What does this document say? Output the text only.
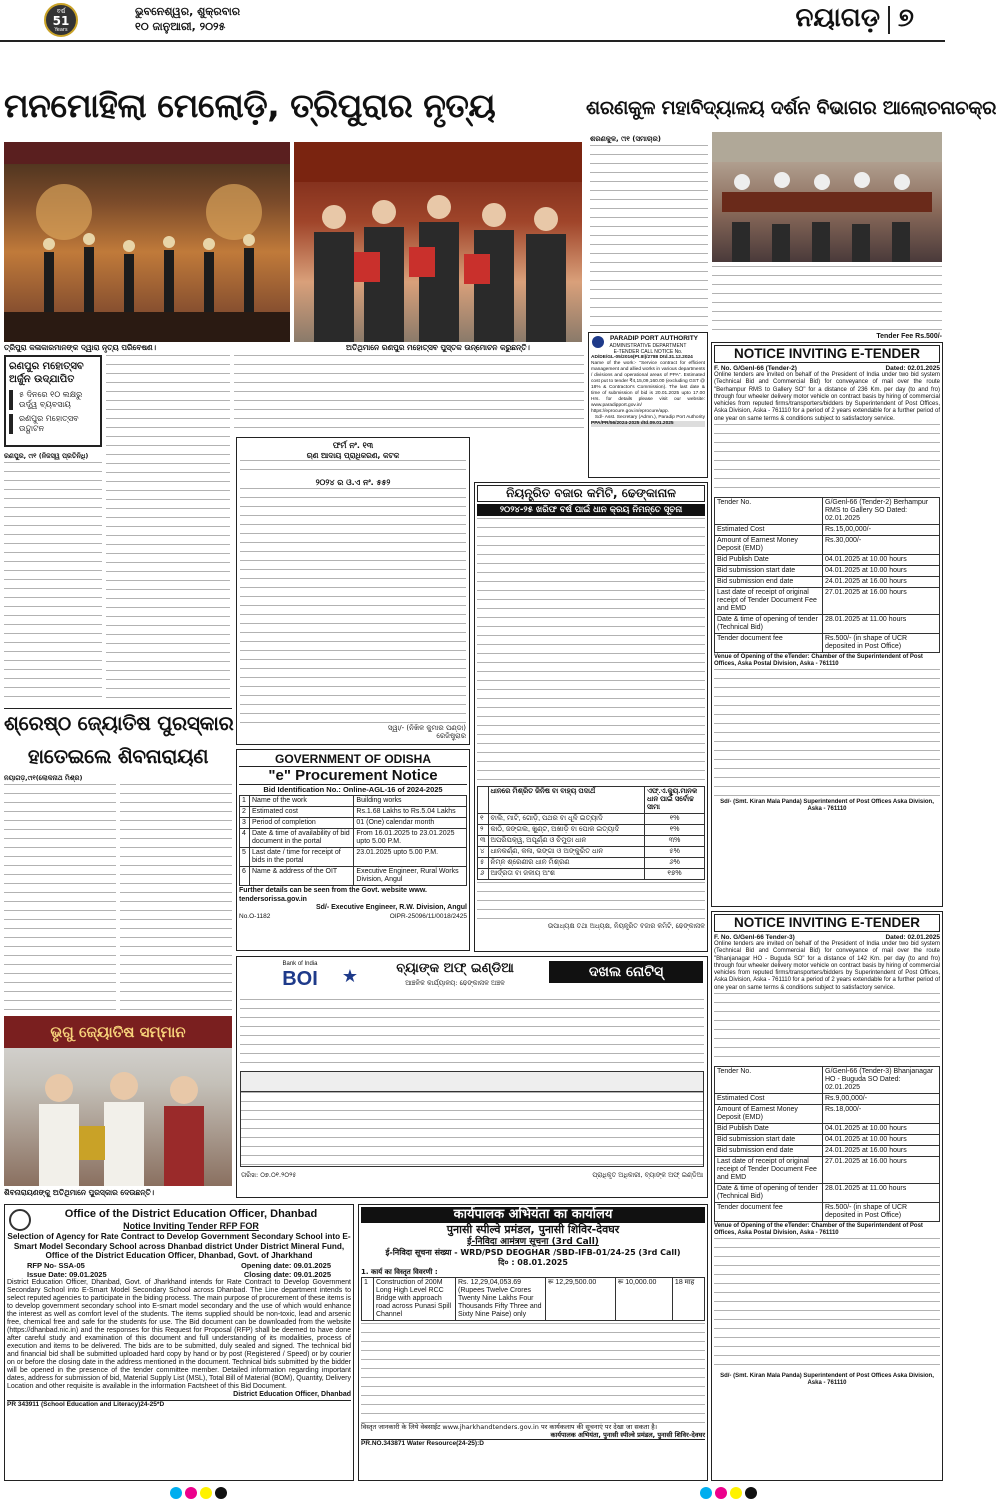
ବର୍ଷ
51
Years
ଭୁବନେଶ୍ୱର, ଶୁକ୍ରବାର
୧୦ ଜାନୁଆରୀ, ୨୦୨୫	ନୟାଗଡ଼ ୭
ମନମୋହିଲା ମେଲୋଡ଼ି, ତ୍ରିପୁରାର ନୃତ୍ୟ	ଶରଣକୁଳ ମହାବିଦ୍ୟାଳୟ ଦର୍ଶନ ବିଭାଗର ଆଲୋଚନାଚକ୍ର
ତ୍ରିପୁରା କଳାକାରମାନଙ୍କ ଦ୍ୱାରା ନୃତ୍ୟ ପରିବେଷଣ।	ଅତିଥିମାନେ ରଣପୁର ମହୋତ୍ସବ ପୁସ୍ତକ ଉନ୍ମୋଚନ କରୁଛନ୍ତି।
ଶରଣକୁଳ, ୯ା୧ (ସମାଚାର)
ରଣପୁର ମହୋତ୍ସବ ଅର୍ଜୁନ ଉଦ୍ଯାପିତ
୫ ଦିନରେ ୧୦ ଲକ୍ଷରୁ ଉର୍ଦ୍ଧ୍ୱ ବ୍ୟବସାୟ
ରଣପୁର ମହୋତ୍ସବ ଉଦ୍ଘାଟନ
ରଣପୁର, ୯ା୧ (ନିଜସ୍ୱ ପ୍ରତିନିଧି)
PARADIP PORT AUTHORITY
ADMINISTRATIVE DEPARTMENT
E-TENDER CALL NOTICE No.
AD/DE/GL-05/2016(Pt.III)/2788 Dtd.31.12.2024
Name of the work:- "Service contract for efficient management and allied works in various departments / divisions and operational areas of PPA". Estimated cost put to tender ₹4,15,09,160.00 (excluding GST @ 18% & Contractor's Commission). The last date & time of submission of bid is 20.01.2025 upto 17.00 Hrs. for details please visit our website: www.paradipport.gov.in/ https://eprocure.gov.in/eprocure/app.
Sd/- Asst. Secretary (Admn.), Paradip Port Authority
PPA/PR/56/2024-2025 dtd.09.01.2025
Tender Fee Rs.500/-
NOTICE INVITING E-TENDER
F. No. G/Genl-66 (Tender-2)	Dated: 02.01.2025
Online tenders are invited on behalf of the President of India under two bid system (Technical Bid and Commercial Bid) for conveyance of mail over the route "Berhampur RMS to Gallery SO" for a distance of 236 Km. per day (to and fro) through four wheeler delivery motor vehicle on contract basis by hiring of commercial vehicles from reputed firms/transporters/bidders by Superintendent of Post Offices, Aska Division, Aska - 761110 for a period of 2 years extendable for a further period of one year on same terms & conditions subject to satisfactory service.
Tender No.	G/Genl-66 (Tender-2) Berhampur RMS to Gallery SO Dated: 02.01.2025
Estimated Cost	Rs.15,00,000/-
Amount of Earnest Money Deposit (EMD)	Rs.30,000/-
Bid Publish Date	04.01.2025 at 10.00 hours
Bid submission start date	04.01.2025 at 10.00 hours
Bid submission end date	24.01.2025 at 16.00 hours
Last date of receipt of original receipt of Tender Document Fee and EMD	27.01.2025 at 16.00 hours
Date & time of opening of tender (Technical Bid)	28.01.2025 at 11.00 hours
Tender document fee	Rs.500/- (in shape of UCR deposited in Post Office)
Venue of Opening of the eTender: Chamber of the Superintendent of Post Offices, Aska Postal Division, Aska - 761110
Sd/- (Smt. Kiran Mala Panda) Superintendent of Post Offices Aska Division, Aska - 761110
ଫର୍ମ ନଂ. ୧୩
ଋଣ ଆଦାୟ ପ୍ରାଧିକରଣ, କଟକ
୨୦୨୪ ର ଓ.ଏ ନଂ. ୫୫୨
ସ୍ୱା/- (ନିଖିଳ କୁମାର ପଣ୍ଡା)
ରେଜିଷ୍ଟ୍ରାର
ନିୟନ୍ତ୍ରିତ ବଜାର କମିଟି, ଢେଙ୍କାନାଳ
୨୦୨୪-୨୫ ଖରିଫ ବର୍ଷ ପାଇଁ ଧାନ କ୍ରୟ ନିମନ୍ତେ ସୂଚନା
	ଧାନରେ ମିଶ୍ରିତ ଜିନିଷ ବା ବାହ୍ୟ ପଦାର୍ଥ	ଏଫ୍.ଏ.କ୍ୟୁ.ମାନକ ଧାନ ପାଇଁ ସର୍ବୋଚ୍ଚ ସୀମା
୧	ବାଲି, ମାଟି, ଗୋଡ଼ି, ପଥର ବା ଧୂଳି ଇତ୍ୟାଦି	୧%
୨	କାଠି, ଜଙ୍ଗଲ, ଖୁଣ୍ଟ, ଅଖାଡ଼ି ବା ପୋକ ଇତ୍ୟାଦି	୧%
୩	ଅପରିପକ୍ୱ, ଅପୂର୍ଣ୍ଣ ଓ ଚିମୁଡ଼ା ଧାନ	୩%
୪	ଧାନକର୍ଣ୍ଣ, କଳା, ଭଙ୍ଗା ଓ ଅଙ୍କୁରିତ ଧାନ	୫%
୫	ନିମ୍ନ ଶ୍ରେଣୀର ଧାନ ମିଶ୍ରଣ	୬%
୬	ଆର୍ଦ୍ରତା ବା ଜଳୀୟ ଅଂଶ	୧୭%
ଉପାଧ୍ୟକ୍ଷ ତଥା ଅଧ୍ୟକ୍ଷ, ନିୟନ୍ତ୍ରିତ ବଜାର କମିଟି, ଢେଙ୍କାନାଳ
ଶ୍ରେଷ୍ଠ ଜ୍ୟୋତିଷ ପୁରସ୍କାର
ହାତେଇଲେ ଶିବନାରାୟଣ
ନୟାଗଡ଼,୯ା୧(ଲୋକନାଥ ମିଶ୍ର)
ଭୃଗୁ ଜ୍ୟୋତିଷ ସମ୍ମାନ
ଶିବନାରାୟଣଙ୍କୁ ଅତିଥିମାନେ ପୁରସ୍କାର ଦେଉଛନ୍ତି।
GOVERNMENT OF ODISHA
"e" Procurement Notice
Bid Identification No.: Online-AGL-16 of 2024-2025
1	Name of the work	Building works
2	Estimated cost	Rs.1.68 Lakhs to Rs.5.04 Lakhs
3	Period of completion	01 (One) calendar month
4	Date & time of availability of bid document in the portal	From 16.01.2025 to 23.01.2025 upto 5.00 P.M.
5	Last date / time for receipt of bids in the portal	23.01.2025 upto 5.00 P.M.
6	Name & address of the OIT	Executive Engineer, Rural Works Division, Angul
Further details can be seen from the Govt. website www. tendersorissa.gov.in
Sd/- Executive Engineer, R.W. Division, Angul
No.O-1182	OIPR-25096/11/0018/2425
Bank of India
BOI	★	ବ୍ୟାଙ୍କ ଅଫ୍ ଇଣ୍ଡିଆ
ଆଞ୍ଚଳିକ କାର୍ଯ୍ୟାଳୟ: ଢେଙ୍କାନାଳ ଅଞ୍ଚଳ
ଦଖଲ ନୋଟିସ୍
ତାରିଖ: ୦୭.୦୧.୨୦୨୫	ପ୍ରାଧିକୃତ ଅଧିକାରୀ, ବ୍ୟାଙ୍କ ଅଫ୍ ଇଣ୍ଡିଆ
NOTICE INVITING E-TENDER
F. No. G/Genl-66 Tender-3)	Dated: 02.01.2025
Online tenders are invited on behalf of the President of India under two bid system (Technical Bid and Commercial Bid) for conveyance of mail over the route "Bhanjanagar HO - Buguda SO" for a distance of 142 Km. per day (to and fro) through four wheeler delivery motor vehicle on contract basis by hiring of commercial vehicles from reputed firms/transporters/bidders by Superintendent of Post Offices, Aska Division, Aska - 761110 for a period of 2 years extendable for a further period of one year on same terms & conditions subject to satisfactory service.
Tender No.	G/Genl-66 (Tender-3) Bhanjanagar HO - Buguda SO Dated: 02.01.2025
Estimated Cost	Rs.9,00,000/-
Amount of Earnest Money Deposit (EMD)	Rs.18,000/-
Bid Publish Date	04.01.2025 at 10.00 hours
Bid submission start date	04.01.2025 at 10.00 hours
Bid submission end date	24.01.2025 at 16.00 hours
Last date of receipt of original receipt of Tender Document Fee and EMD	27.01.2025 at 16.00 hours
Date & time of opening of tender (Technical Bid)	28.01.2025 at 11.00 hours
Tender document fee	Rs.500/- (in shape of UCR deposited in Post Office)
Venue of Opening of the eTender: Chamber of the Superintendent of Post Offices, Aska Postal Division, Aska - 761110
Sd/- (Smt. Kiran Mala Panda) Superintendent of Post Offices Aska Division, Aska - 761110
Office of the District Education Officer, Dhanbad
Notice Inviting Tender RFP FOR
Selection of Agency for Rate Contract to Develop Government Secondary School into E-Smart Model Secondary School across Dhanbad district Under District Mineral Fund, Office of the District Education Officer, Dhanbad, Govt. of Jharkhand
RFP No- SSA-05	Opening date: 09.01.2025
Issue Date: 09.01.2025	Closing date: 09.01.2025
District Education Officer, Dhanbad, Govt. of Jharkhand intends for Rate Contract to Develop Government Secondary School into E-Smart Model Secondary School across Dhanbad. The Line department intends to select reputed agencies to participate in the biding process. The main purpose of procurement of these items is to develop government secondary school into E-smart model secondary and the use of which would enhance the interest as well as comfort level of the students. The items supplied should be non-toxic, lead and arsenic free, chemical free and safe for the students for use. The Bid document can be downloaded from the website (https://dhanbad.nic.in) and the responses for this Request for Proposal (RFP) shall be deemed to have done after careful study and examination of this document and full understanding of its modalities, process of execution and items to be delivered. The bids are to be submitted, duly sealed and signed. The technical bid and financial bid shall be submitted uploaded hard copy by hand or by post (Registered / Speed) or by courier on or before the closing date in the address mentioned in the document. Technical bids submitted by the bidder will be opened in the presence of the tender committee member. Detailed information regarding important dates, address for submission of bid, Material Supply List (MSL), Total Bill of Material (BOM), Quantity, Delivery Location and other requisite is available in the information Factsheet of this Bid Document.
District Education Officer, Dhanbad
PR 343911 (School Education and Literacy)24-25*D
कार्यपालक अभियंता का कार्यालय
पुनासी स्पील्वे प्रमंडल, पुनासी शिविर-देवघर
ई-निविदा आमंत्रण सूचना (3rd Call)
ई-निविदा सूचना संख्या - WRD/PSD DEOGHAR /SBD-IFB-01/24-25 (3rd Call)
दि० : 08.01.2025
1. कार्य का विस्तृत विवरणी :
1	Construction of 200M Long High Level RCC Bridge with approach road across Punasi Spill Channel	Rs. 12,29,04,053.69 (Rupees Twelve Crores Twenty Nine Lakhs Four Thousands Fifty Three and Sixty Nine Paise) only	रू 12,29,500.00	रू 10,000.00	18 माह
विस्तृत जानकारी के लिये वेबसाईट www.jharkhandtenders.gov.in पर कार्यकलाप की सूचनाएं पर देखा जा सकता है।
कार्यपालक अभियंता, पुनासी स्पील्वे प्रमंडल, पुनासी शिविर-देवघर
PR.NO.343871 Water Resource(24-25):D
